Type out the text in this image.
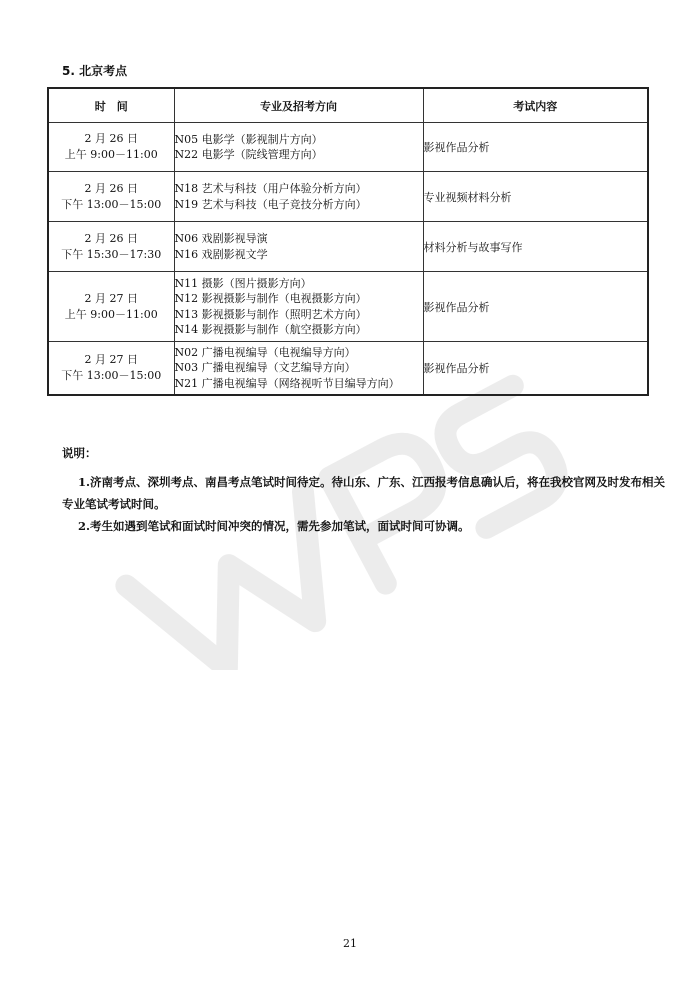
5. 北京考点
时　间	专业及招考方向	考试内容

2 月 26 日
上午 9:00－11:00	N05 电影学（影视制片方向）
N22 电影学（院线管理方向）	影视作品分析

2 月 26 日
下午 13:00－15:00	N18 艺术与科技（用户体验分析方向）
N19 艺术与科技（电子竞技分析方向）	专业视频材料分析

2 月 26 日
下午 15:30－17:30	N06 戏剧影视导演
N16 戏剧影视文学	材料分析与故事写作

2 月 27 日
上午 9:00－11:00	N11 摄影（图片摄影方向）
N12 影视摄影与制作（电视摄影方向）
N13 影视摄影与制作（照明艺术方向）
N14 影视摄影与制作（航空摄影方向）	影视作品分析

2 月 27 日
下午 13:00－15:00	N02 广播电视编导（电视编导方向）
N03 广播电视编导（文艺编导方向）
N21 广播电视编导（网络视听节目编导方向）	影视作品分析
说明：
1.济南考点、深圳考点、南昌考点笔试时间待定。待山东、广东、江西报考信息确认后，将在我校官网及时发布相关专业笔试考试时间。
2.考生如遇到笔试和面试时间冲突的情况，需先参加笔试，面试时间可协调。
21
